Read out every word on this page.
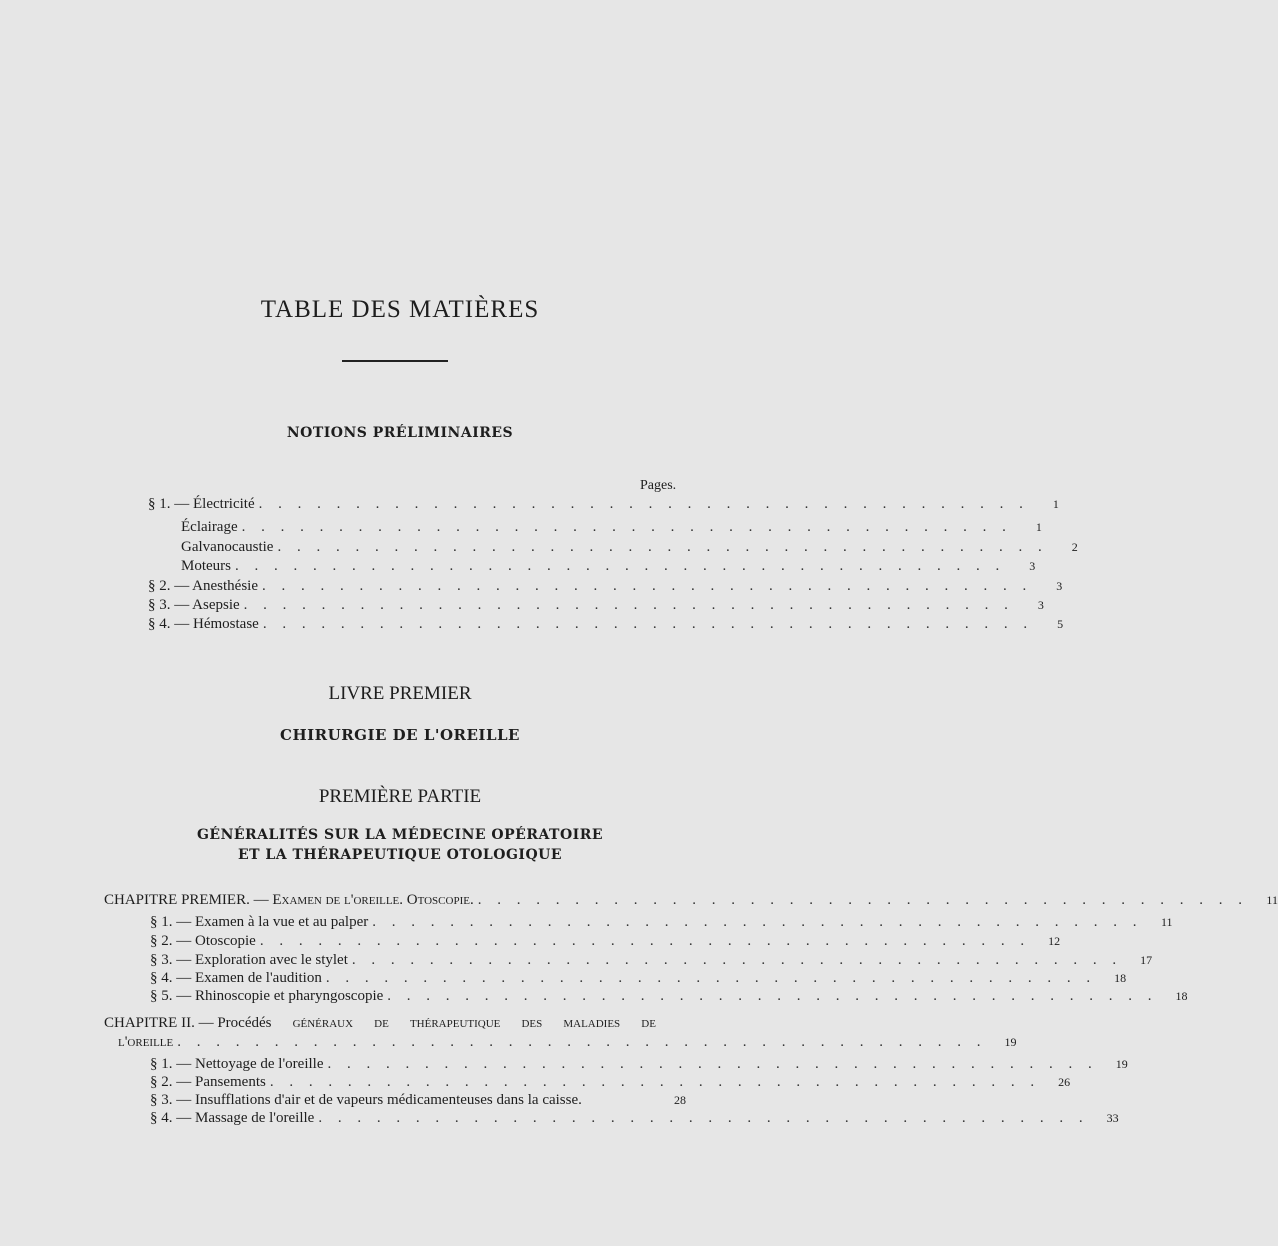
TABLE DES MATIÈRES
NOTIONS PRÉLIMINAIRES
Pages.
§ 1. — Électricité . . . . . . . . . . . . . . . . . . . . . . . . . . . . . . . . . . . . . . . .	1
Éclairage . . . . . . . . . . . . . . . . . . . . . . . . . . . . . . . . . . . . . . . .	1
Galvanocaustie . . . . . . . . . . . . . . . . . . . . . . . . . . . . . . . . . . . . . . . .	2
Moteurs . . . . . . . . . . . . . . . . . . . . . . . . . . . . . . . . . . . . . . . .	3
§ 2. — Anesthésie . . . . . . . . . . . . . . . . . . . . . . . . . . . . . . . . . . . . . . . .	3
§ 3. — Asepsie . . . . . . . . . . . . . . . . . . . . . . . . . . . . . . . . . . . . . . . .	3
§ 4. — Hémostase . . . . . . . . . . . . . . . . . . . . . . . . . . . . . . . . . . . . . . . .	5
LIVRE PREMIER
CHIRURGIE DE L'OREILLE
PREMIÈRE PARTIE
GÉNÉRALITÉS SUR LA MÉDECINE OPÉRATOIRE
ET LA THÉRAPEUTIQUE OTOLOGIQUE
CHAPITRE PREMIER. — Examen de l'oreille. Otoscopie. . . . . . . . . . . . . . . . . . . . . . . . . . . . . . . . . . . . . . . . .	11
§ 1. — Examen à la vue et au palper . . . . . . . . . . . . . . . . . . . . . . . . . . . . . . . . . . . . . . . .	11
§ 2. — Otoscopie . . . . . . . . . . . . . . . . . . . . . . . . . . . . . . . . . . . . . . . .	12
§ 3. — Exploration avec le stylet . . . . . . . . . . . . . . . . . . . . . . . . . . . . . . . . . . . . . . . .	17
§ 4. — Examen de l'audition . . . . . . . . . . . . . . . . . . . . . . . . . . . . . . . . . . . . . . . .	18
§ 5. — Rhinoscopie et pharyngoscopie . . . . . . . . . . . . . . . . . . . . . . . . . . . . . . . . . . . . . . . .	18
CHAPITRE II. — Procédés généraux de thérapeutique des maladies de
l'oreille . . . . . . . . . . . . . . . . . . . . . . . . . . . . . . . . . . . . . . . . . .	19
§ 1. — Nettoyage de l'oreille . . . . . . . . . . . . . . . . . . . . . . . . . . . . . . . . . . . . . . . .	19
§ 2. — Pansements . . . . . . . . . . . . . . . . . . . . . . . . . . . . . . . . . . . . . . . .	26
§ 3. — Insufflations d'air et de vapeurs médicamenteuses dans la caisse.	28
§ 4. — Massage de l'oreille . . . . . . . . . . . . . . . . . . . . . . . . . . . . . . . . . . . . . . . .	33
